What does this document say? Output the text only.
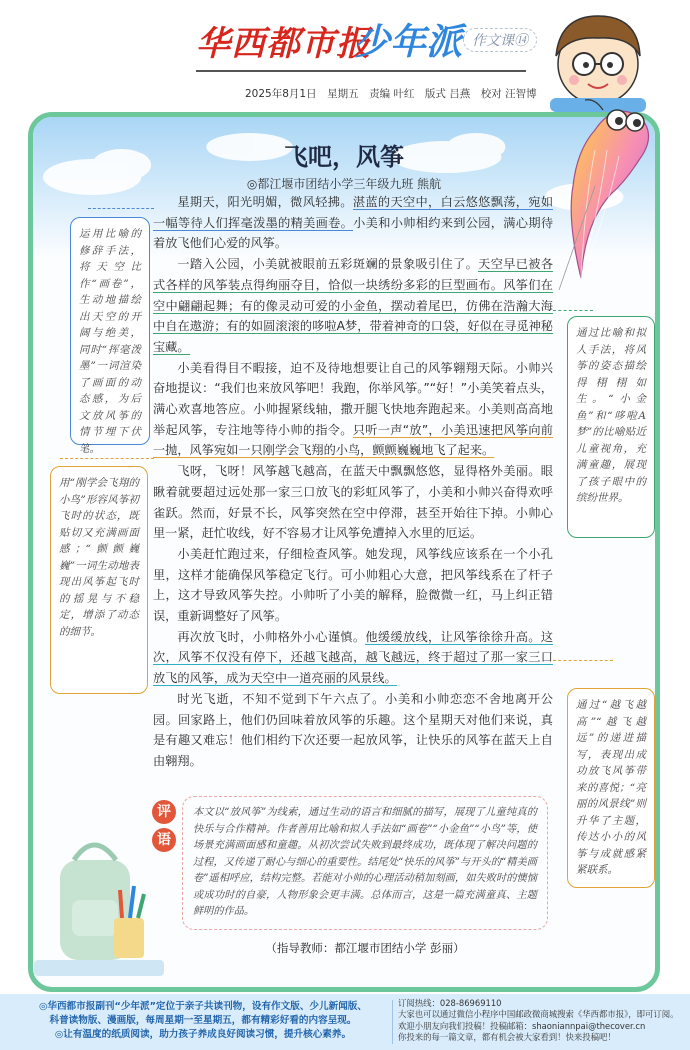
华西都市报
少年派 作文课⑭
2025年8月1日　星期五　责编 叶红　版式 吕燕　校对 汪智博
飞吧，风筝
◎都江堰市团结小学三年级九班 熊航

星期天，阳光明媚，微风轻拂。湛蓝的天空中，白云悠悠飘荡，宛如一幅等待人们挥毫泼墨的精美画卷。小美和小帅相约来到公园，满心期待着放飞他们心爱的风筝。

一踏入公园，小美就被眼前五彩斑斓的景象吸引住了。天空早已被各式各样的风筝装点得绚丽夺目，恰似一块绣纷多彩的巨型画布。风筝们在空中翩翩起舞；有的像灵动可爱的小金鱼，摆动着尾巴，仿佛在浩瀚大海中自在遨游；有的如圆滚滚的哆啦A梦，带着神奇的口袋，好似在寻觅神秘宝藏。

小美看得目不暇接，迫不及待地想要让自己的风筝翱翔天际。小帅兴奋地提议：“我们也来放风筝吧！我跑，你举风筝。”“好！”小美笑着点头，满心欢喜地答应。小帅握紧线轴，撒开腿飞快地奔跑起来。小美则高高地举起风筝，专注地等待小帅的指令。只听一声“放”，小美迅速把风筝向前一抛，风筝宛如一只刚学会飞翔的小鸟，颤颤巍巍地飞了起来。

飞呀，飞呀！风筝越飞越高，在蓝天中飘飘悠悠，显得格外美丽。眼瞅着就要超过远处那一家三口放飞的彩虹风筝了，小美和小帅兴奋得欢呼雀跃。然而，好景不长，风筝突然在空中停滞，甚至开始往下掉。小帅心里一紧，赶忙收线，好不容易才让风筝免遭掉入水里的厄运。

小美赶忙跑过来，仔细检查风筝。她发现，风筝线应该系在一个小孔里，这样才能确保风筝稳定飞行。可小帅粗心大意，把风筝线系在了杆子上，这才导致风筝失控。小帅听了小美的解释，脸微微一红，马上纠正错误，重新调整好了风筝。

再次放飞时，小帅格外小心谨慎。他缓缓放线，让风筝徐徐升高。这次，风筝不仅没有停下，还越飞越高，越飞越远，终于超过了那一家三口放飞的风筝，成为天空中一道亮丽的风景线。

时光飞逝，不知不觉到下午六点了。小美和小帅恋恋不舍地离开公园。回家路上，他们仍回味着放风筝的乐趣。这个星期天对他们来说，真是有趣又难忘！他们相约下次还要一起放风筝，让快乐的风筝在蓝天上自由翱翔。

运用比喻的修辞手法，将天空比作“画卷”，生动地描绘出天空的开阔与绝美，同时“挥毫泼墨”一词渲染了画面的动态感，为后文放风筝的情节埋下伏笔。
通过比喻和拟人手法，将风筝的姿态描绘得栩栩如生。“小金鱼”和“哆啦A梦”的比喻贴近儿童视角，充满童趣，展现了孩子眼中的缤纷世界。
用“刚学会飞翔的小鸟”形容风筝初飞时的状态，既贴切又充满画面感；“颤颤巍巍”一词生动地表现出风筝起飞时的摇晃与不稳定，增添了动态的细节。
通过“越飞越高”“越飞越远”的递进描写，表现出成功放飞风筝带来的喜悦；“亮丽的风景线”则升华了主题，传达小小的风筝与成就感紧紧联系。
评
语
本文以“放风筝”为线索，通过生动的语言和细腻的描写，展现了儿童纯真的快乐与合作精神。作者善用比喻和拟人手法如“画卷”“小金鱼”“小鸟”等，使场景充满画面感和童趣。从初次尝试失败到最终成功，既体现了解决问题的过程，又传递了耐心与细心的重要性。结尾处“快乐的风筝”与开头的“精美画卷”遥相呼应，结构完整。若能对小帅的心理活动稍加刻画，如失败时的懊恼或成功时的自豪，人物形象会更丰满。总体而言，这是一篇充满童真、主题鲜明的作品。
（指导教师：都江堰市团结小学 彭丽）
◎华西都市报副刊“少年派”定位于亲子共读刊物，设有作文版、少儿新闻版、
科普读物版、漫画版，每周星期一至星期五，都有精彩好看的内容呈现。
◎让有温度的纸质阅读，助力孩子养成良好阅读习惯，提升核心素养。
订阅热线：028-86969110
大家也可以通过微信小程序中国邮政微商城搜索《华西都市报》，即可订阅。
欢迎小朋友向我们投稿！投稿邮箱：shaoniannpai@thecover.cn
你投来的每一篇文章，都有机会被大家看到！快来投稿吧！
